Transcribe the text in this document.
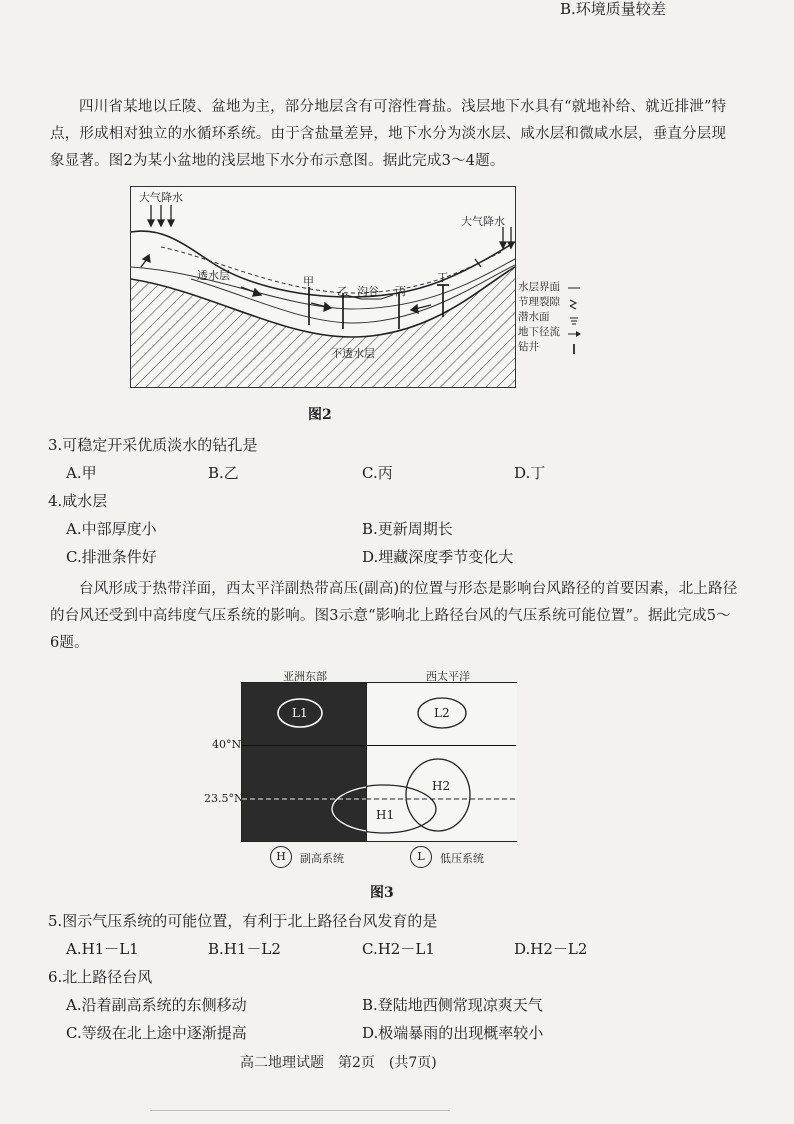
B.环境质量较差

四川省某地以丘陵、盆地为主，部分地层含有可溶性膏盐。浅层地下水具有“就地补给、就近排泄”特点，形成相对独立的水循环系统。由于含盐量差异，地下水分为淡水层、咸水层和微咸水层，垂直分层现象显著。图2为某小盆地的浅层地下水分布示意图。据此完成3～4题。

大气降水
大气降水
透水层	甲
乙 沟谷 丙
丁
不透水层
水层界面
节理裂隙
潜水面
地下径流
钻井
图2
3.可稳定开采优质淡水的钻孔是
A.甲	B.乙	C.丙	D.丁
4.咸水层
A.中部厚度小	B.更新周期长
C.排泄条件好	D.埋藏深度季节变化大

台风形成于热带洋面，西太平洋副热带高压(副高)的位置与形态是影响台风路径的首要因素，北上路径的台风还受到中高纬度气压系统的影响。图3示意“影响北上路径台风的气压系统可能位置”。据此完成5～6题。

L1	L2
H1
H2
亚洲东部	西太平洋
40°N
23.5°N
H	副高系统	L	低压系统
图3
5.图示气压系统的可能位置，有利于北上路径台风发育的是
A.H1－L1	B.H1－L2	C.H2－L1	D.H2－L2
6.北上路径台风
A.沿着副高系统的东侧移动	B.登陆地西侧常现凉爽天气
C.等级在北上途中逐渐提高	D.极端暴雨的出现概率较小
高二地理试题　第2页　(共7页)
